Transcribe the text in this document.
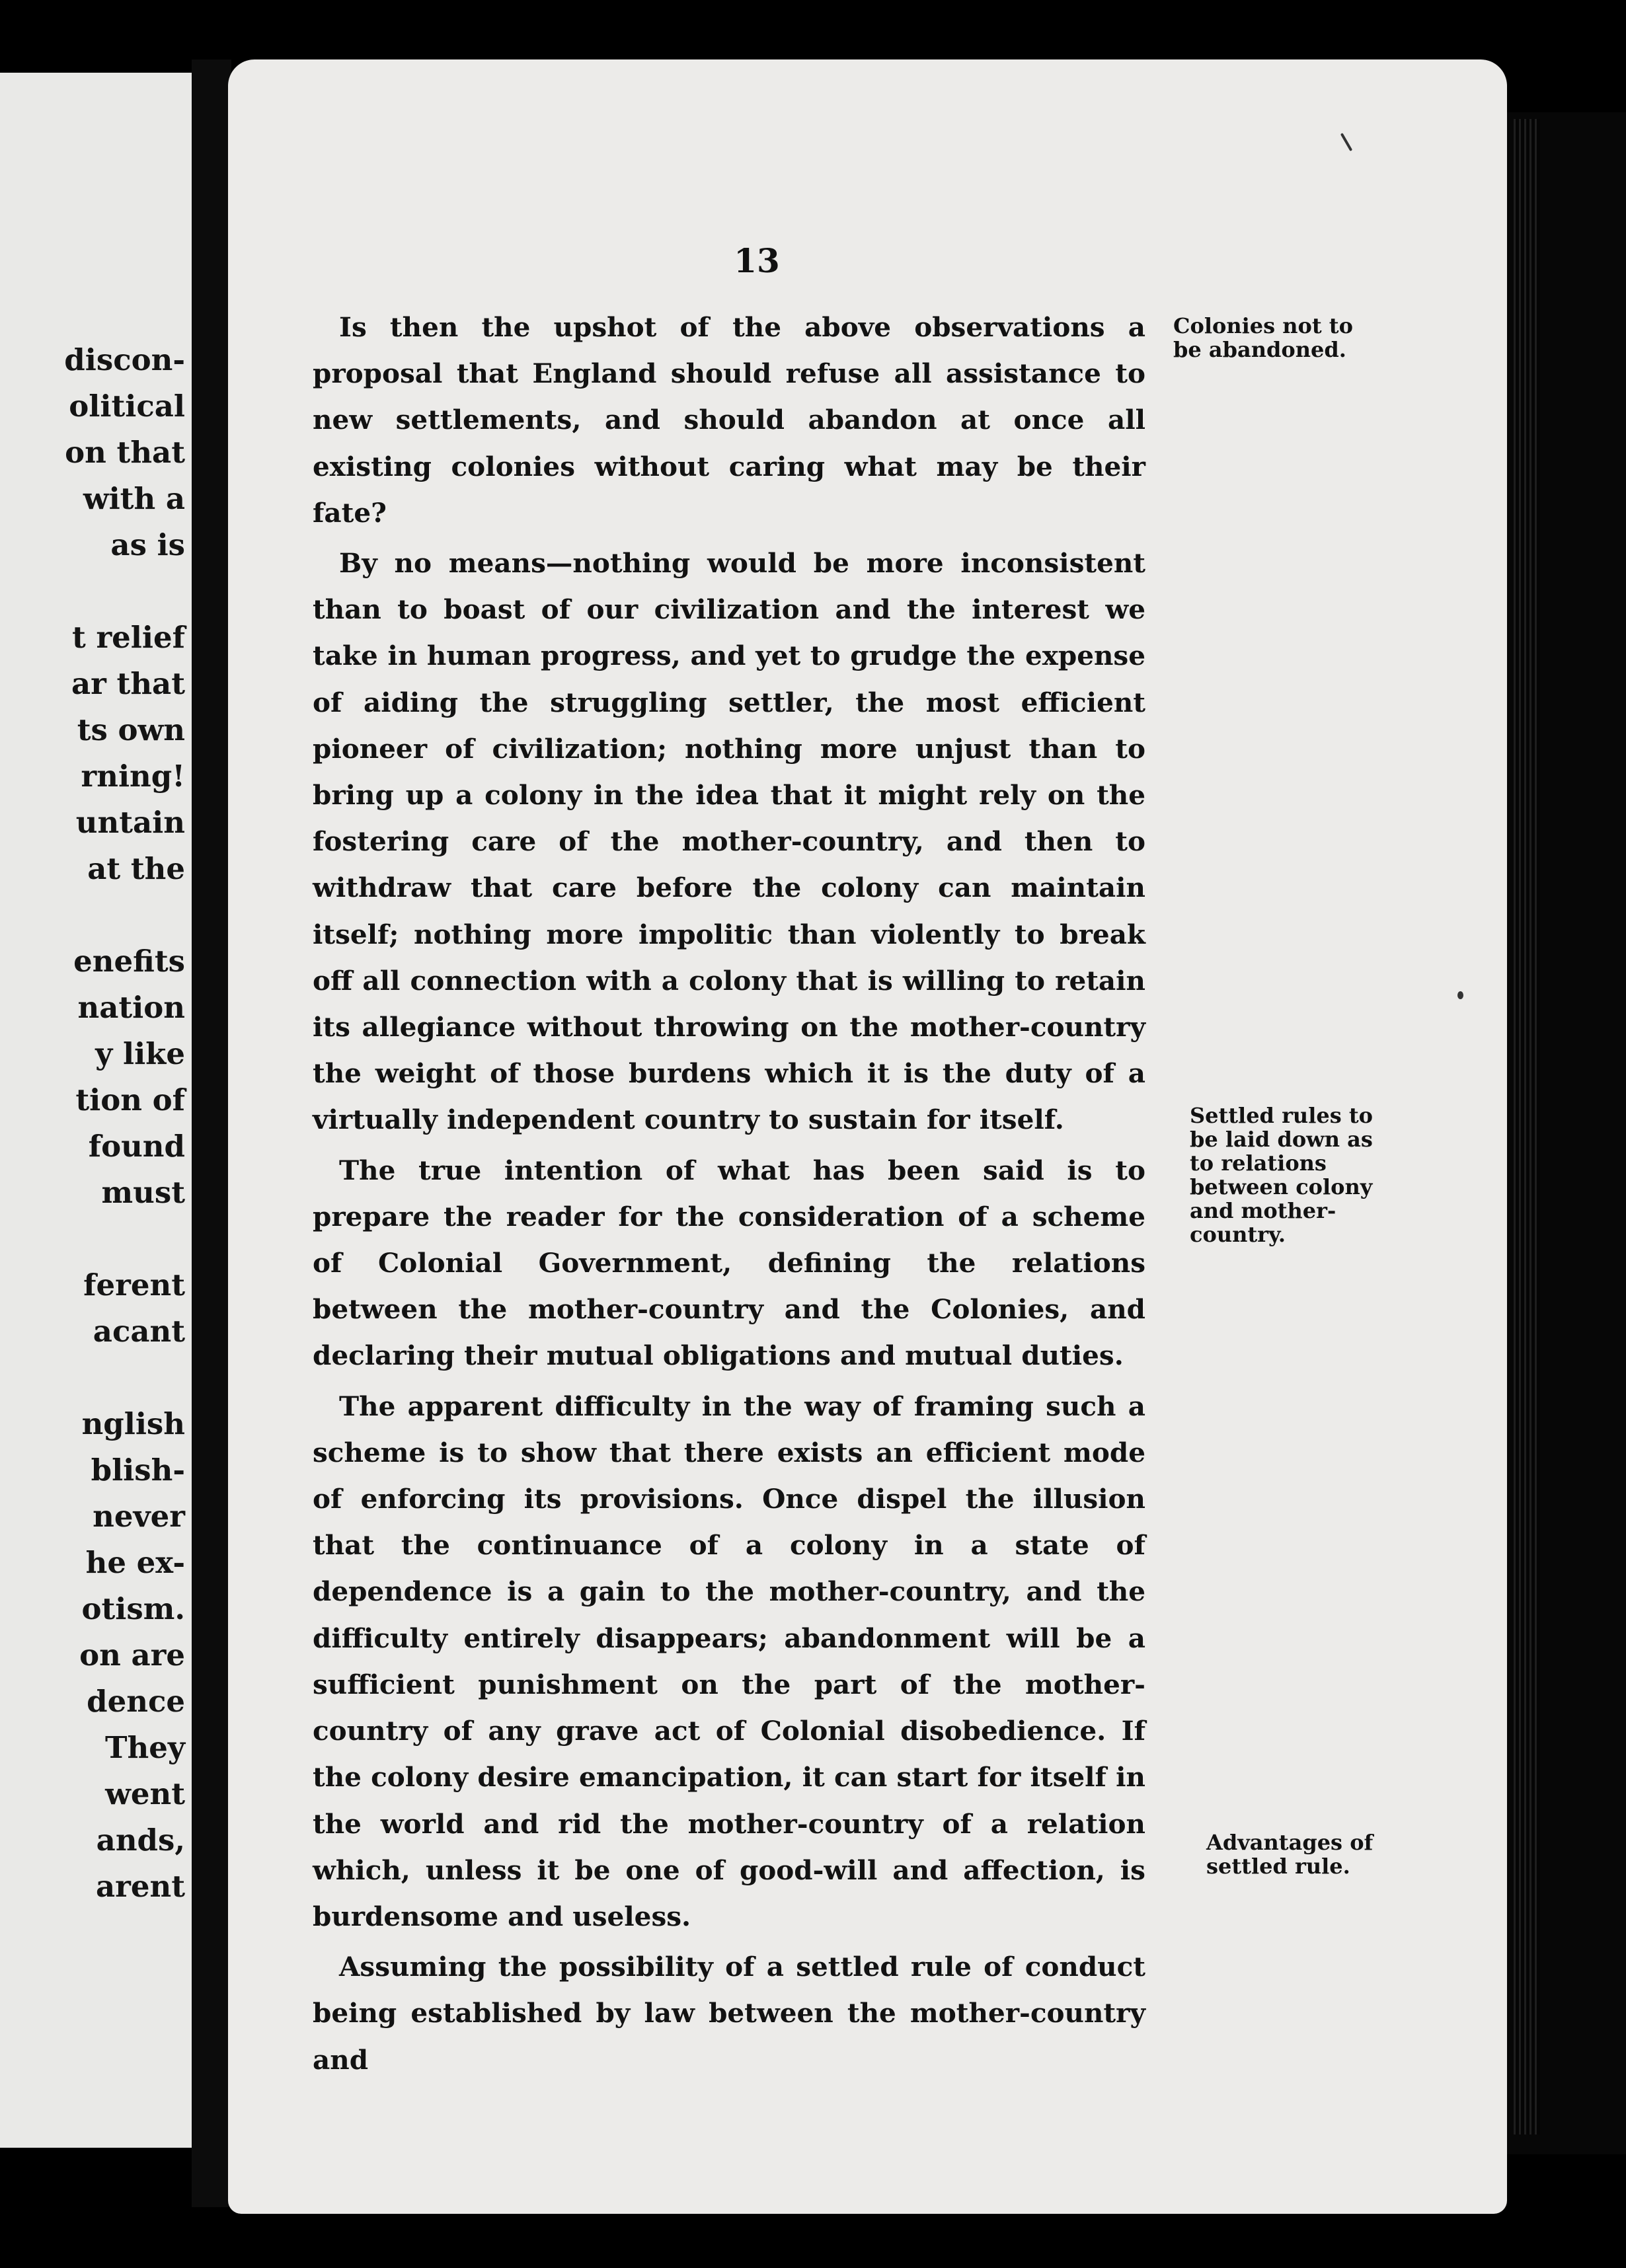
discon-
olitical
on that
with a
as is
t relief
ar that
ts own
rning!
untain
at the
enefits
nation
y like
tion of
found
must
ferent
acant
nglish
blish-
never
he ex-
otism.
on are
dence
They
went
ands,
arent
13

Is then the upshot of the above observations a proposal that England should refuse all assistance to new settlements, and should abandon at once all existing colonies without caring what may be their fate?

By no means—nothing would be more inconsistent than to boast of our civilization and the interest we take in human progress, and yet to grudge the expense of aiding the struggling settler, the most efficient pioneer of civilization; nothing more unjust than to bring up a colony in the idea that it might rely on the fostering care of the mother-country, and then to withdraw that care before the colony can maintain itself; nothing more impolitic than violently to break off all connection with a colony that is willing to retain its allegiance without throwing on the mother-country the weight of those burdens which it is the duty of a virtually independent country to sustain for itself.

The true intention of what has been said is to prepare the reader for the consideration of a scheme of Colonial Government, defining the relations between the mother-country and the Colonies, and declaring their mutual obligations and mutual duties.

The apparent difficulty in the way of framing such a scheme is to show that there exists an efficient mode of enforcing its provisions. Once dispel the illusion that the continuance of a colony in a state of dependence is a gain to the mother-country, and the difficulty entirely disappears; abandonment will be a sufficient punishment on the part of the mother-country of any grave act of Colonial disobedience. If the colony desire emancipation, it can start for itself in the world and rid the mother-country of a relation which, unless it be one of good-will and affection, is burdensome and useless.

Assuming the possibility of a settled rule of conduct being established by law between the mother-country and

Colonies not to be abandoned.
Settled rules to be laid down as to relations between colony and mother-country.
Advantages of settled rule.
